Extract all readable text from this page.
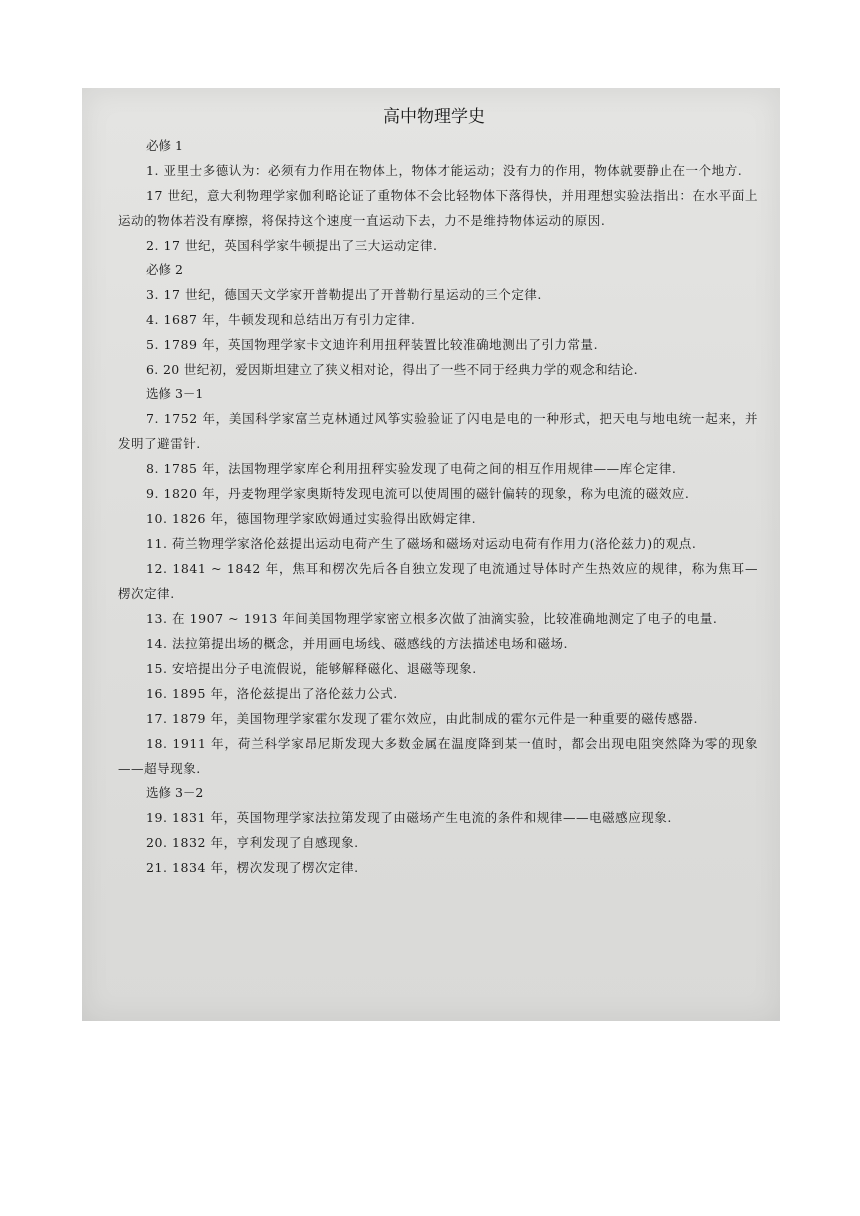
高中物理学史
必修 1
1. 亚里士多德认为：必须有力作用在物体上，物体才能运动；没有力的作用，物体就要静止在一个地方.
17 世纪，意大利物理学家伽利略论证了重物体不会比轻物体下落得快，并用理想实验法指出：在水平面上运动的物体若没有摩擦，将保持这个速度一直运动下去，力不是维持物体运动的原因.
2. 17 世纪，英国科学家牛顿提出了三大运动定律.
必修 2
3. 17 世纪，德国天文学家开普勒提出了开普勒行星运动的三个定律.
4. 1687 年，牛顿发现和总结出万有引力定律.
5. 1789 年，英国物理学家卡文迪许利用扭秤装置比较准确地测出了引力常量.
6. 20 世纪初，爱因斯坦建立了狭义相对论，得出了一些不同于经典力学的观念和结论.
选修 3－1
7. 1752 年，美国科学家富兰克林通过风筝实验验证了闪电是电的一种形式，把天电与地电统一起来，并发明了避雷针.
8. 1785 年，法国物理学家库仑利用扭秤实验发现了电荷之间的相互作用规律——库仑定律.
9. 1820 年，丹麦物理学家奥斯特发现电流可以使周围的磁针偏转的现象，称为电流的磁效应.
10. 1826 年，德国物理学家欧姆通过实验得出欧姆定律.
11. 荷兰物理学家洛伦兹提出运动电荷产生了磁场和磁场对运动电荷有作用力(洛伦兹力)的观点.
12. 1841 ~ 1842 年，焦耳和楞次先后各自独立发现了电流通过导体时产生热效应的规律，称为焦耳—楞次定律.
13. 在 1907 ~ 1913 年间美国物理学家密立根多次做了油滴实验，比较准确地测定了电子的电量.
14. 法拉第提出场的概念，并用画电场线、磁感线的方法描述电场和磁场.
15. 安培提出分子电流假说，能够解释磁化、退磁等现象.
16. 1895 年，洛伦兹提出了洛伦兹力公式.
17. 1879 年，美国物理学家霍尔发现了霍尔效应，由此制成的霍尔元件是一种重要的磁传感器.
18. 1911 年，荷兰科学家昂尼斯发现大多数金属在温度降到某一值时，都会出现电阻突然降为零的现象——超导现象.
选修 3－2
19. 1831 年，英国物理学家法拉第发现了由磁场产生电流的条件和规律——电磁感应现象.
20. 1832 年，亨利发现了自感现象.
21. 1834 年，楞次发现了楞次定律.
